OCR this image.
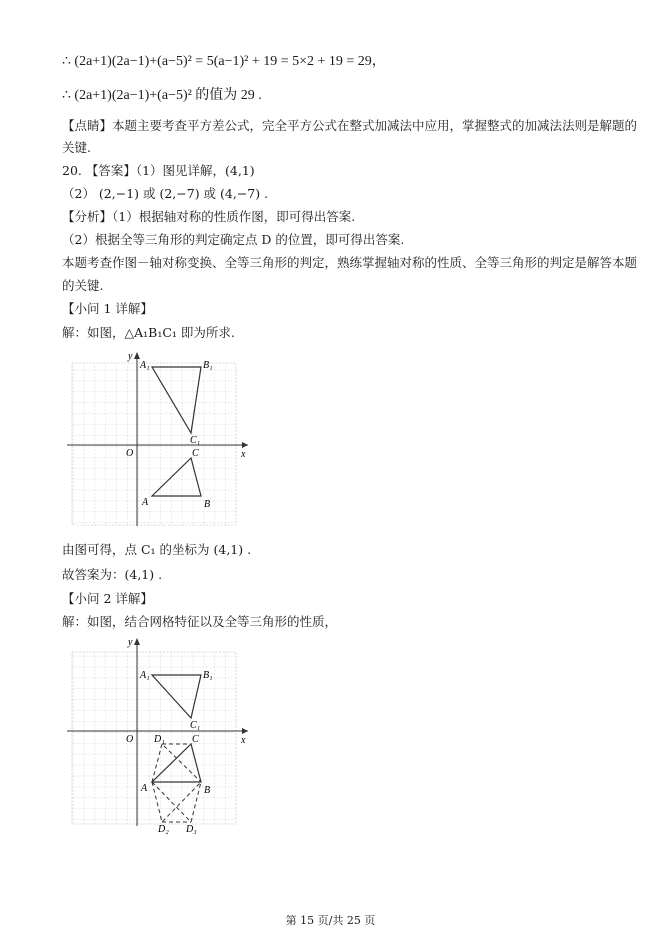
∴ (2a+1)(2a−1)+(a−5)² = 5(a−1)² + 19 = 5×2 + 19 = 29，
∴ (2a+1)(2a−1)+(a−5)² 的值为 29 .
【点睛】本题主要考查平方差公式，完全平方公式在整式加减法中应用，掌握整式的加减法法则是解题的
关键.
20. 【答案】（1）图见详解，(4,1)
（2） (2,−1) 或 (2,−7) 或 (4,−7) .
【分析】（1）根据轴对称的性质作图，即可得出答案.
（2）根据全等三角形的判定确定点 D 的位置，即可得出答案.
本题考查作图－轴对称变换、全等三角形的判定，熟练掌握轴对称的性质、全等三角形的判定是解答本题
的关键.
【小问 1 详解】
解：如图，△A₁B₁C₁ 即为所求.
y
x
O
A₁	B₁
C₁
C
A	B
由图可得，点 C₁ 的坐标为 (4,1) .
故答案为：(4,1) .
【小问 2 详解】
解：如图，结合网格特征以及全等三角形的性质，
y
x
O
A₁	B₁
C₁
C
D₁
A	B
D₂ D₃
第 15 页/共 25 页
